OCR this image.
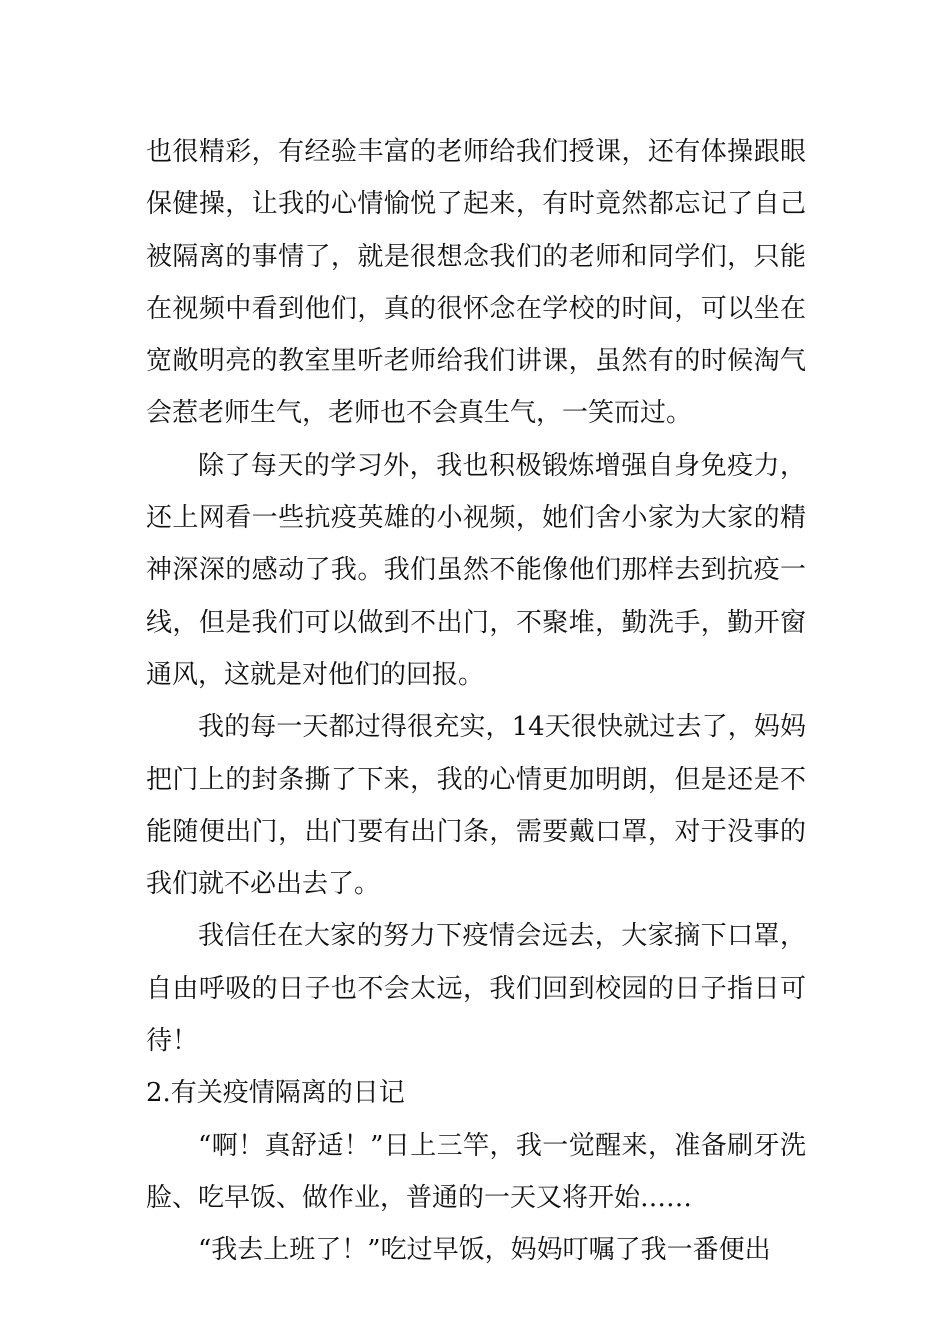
也很精彩，有经验丰富的老师给我们授课，还有体操跟眼保健操，让我的心情愉悦了起来，有时竟然都忘记了自己被隔离的事情了，就是很想念我们的老师和同学们，只能在视频中看到他们，真的很怀念在学校的时间，可以坐在宽敞明亮的教室里听老师给我们讲课，虽然有的时候淘气会惹老师生气，老师也不会真生气，一笑而过。

除了每天的学习外，我也积极锻炼增强自身免疫力，还上网看一些抗疫英雄的小视频，她们舍小家为大家的精神深深的感动了我。我们虽然不能像他们那样去到抗疫一线，但是我们可以做到不出门，不聚堆，勤洗手，勤开窗通风，这就是对他们的回报。

我的每一天都过得很充实，14天很快就过去了，妈妈把门上的封条撕了下来，我的心情更加明朗，但是还是不能随便出门，出门要有出门条，需要戴口罩，对于没事的我们就不必出去了。

我信任在大家的努力下疫情会远去，大家摘下口罩，自由呼吸的日子也不会太远，我们回到校园的日子指日可待！

2.有关疫情隔离的日记

“啊！真舒适！”日上三竿，我一觉醒来，准备刷牙洗脸、吃早饭、做作业，普通的一天又将开始……

“我去上班了！”吃过早饭，妈妈叮嘱了我一番便出
